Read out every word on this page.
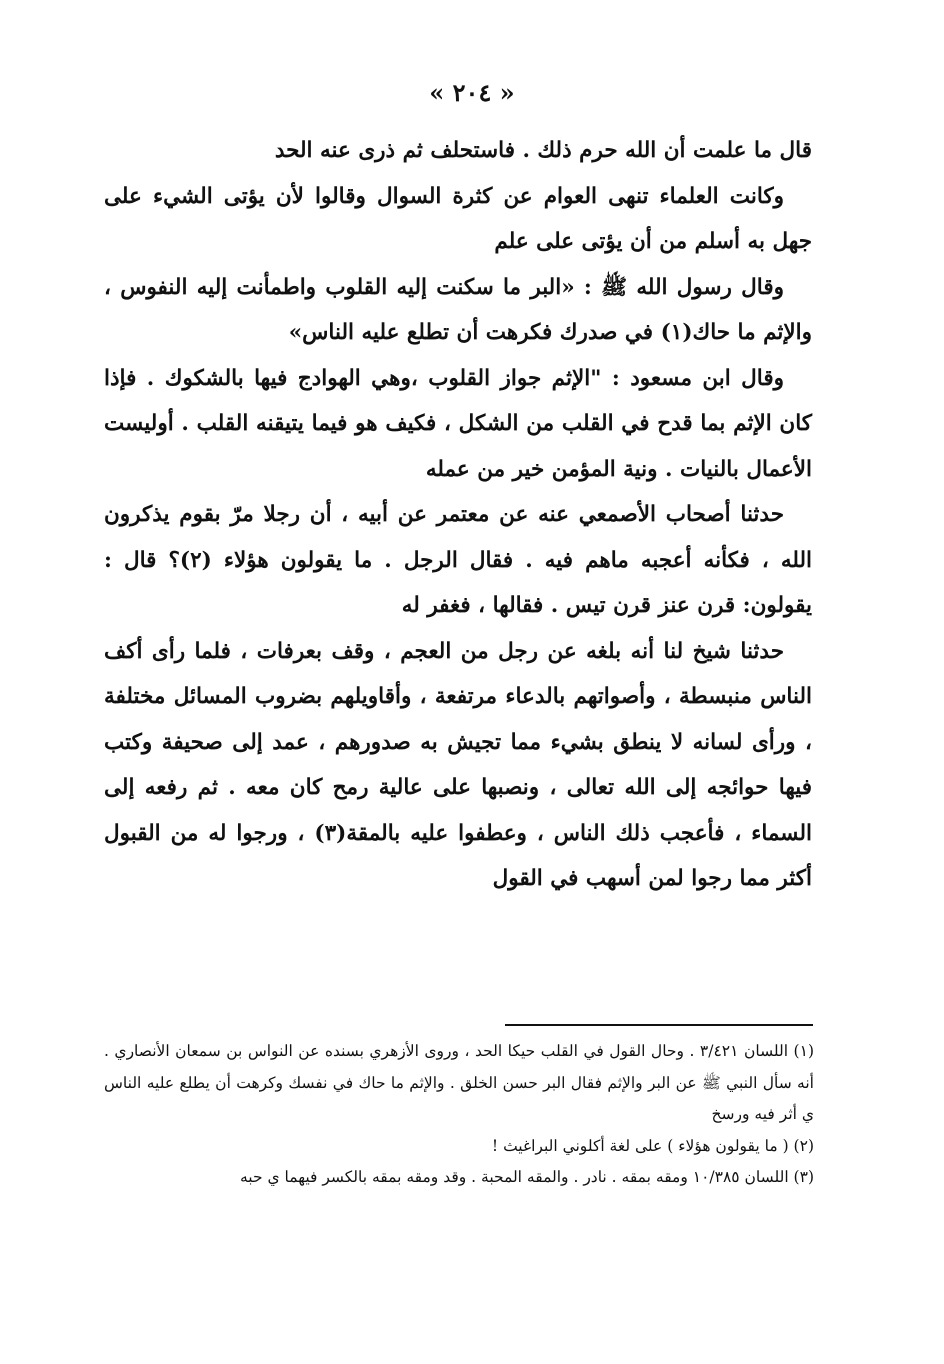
« ٢٠٤ »

قال ما علمت أن الله حرم ذلك . فاستحلف ثم ذرى عنه الحد

وكانت العلماء تنهى العوام عن كثرة السوال وقالوا لأن يؤتى الشيء على جهل به أسلم من أن يؤتى على علم

وقال رسول الله ﷺ : «البر ما سكنت إليه القلوب واطمأنت إليه النفوس ، والإثم ما حاك(١) في صدرك فكرهت أن تطلع عليه الناس»

وقال ابن مسعود : "الإثم جواز القلوب ،وهي الهوادج فيها بالشكوك . فإذا كان الإثم بما قدح في القلب من الشكل ، فكيف هو فيما يتيقنه القلب . أوليست الأعمال بالنيات . ونية المؤمن خير من عمله

حدثنا أصحاب الأصمعي عنه عن معتمر عن أبيه ، أن رجلا مرّ بقوم يذكرون الله ، فكأنه أعجبه ماهم فيه . فقال الرجل . ما يقولون هؤلاء (٢)؟ قال : يقولون: قرن عنز قرن تيس . فقالها ، فغفر له

حدثنا شيخ لنا أنه بلغه عن رجل من العجم ، وقف بعرفات ، فلما رأى أكف الناس منبسطة ، وأصواتهم بالدعاء مرتفعة ، وأقاويلهم بضروب المسائل مختلفة ، ورأى لسانه لا ينطق بشيء مما تجيش به صدورهم ، عمد إلى صحيفة وكتب فيها حوائجه إلى الله تعالى ، ونصبها على عالية رمح كان معه . ثم رفعه إلى السماء ، فأعجب ذلك الناس ، وعطفوا عليه بالمقة(٣) ، ورجوا له من القبول أكثر مما رجوا لمن أسهب في القول

(١) اللسان ٣/٤٢١ . وحال القول في القلب حيكا الحد ، وروى الأزهري بسنده عن النواس بن سمعان الأنصاري . أنه سأل النبي ﷺ عن البر والإثم فقال البر حسن الخلق . والإثم ما حاك في نفسك وكرهت أن يطلع عليه الناس ي أثر فيه ورسخ

(٢) ( ما يقولون هؤلاء ) على لغة أكلوني البراغيث !

(٣) اللسان ١٠/٣٨٥ ومقه بمقه . نادر . والمقه المحبة . وقد ومقه بمقه بالكسر فيهما ي حبه
